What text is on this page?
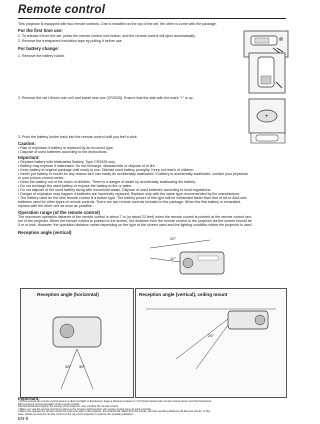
Remote control

This projector is equipped with two remote controls. One is installed on the top of the set, the other is come with the package.

For the first time use:

1. To release it from the set, press the remote control lock button, and the remote control will eject automatically.

2. Remove the transparent insulation tape by pulling it before use.

For battery change:

1. Remove the battery holder.

2. Remove the old Lithium coin cell and install new one (CR2025). Ensure that the side with the mark "+" is up.

+

3. Push the battery holder back into the remote control until you feel a click.

Caution:

• Risk of explosion if battery is replaced by an incorrect type.

• Dispose of used batteries according to the instructions.

Important:

• Replace battery with Matsushita Battery, Type CR2025 only.

• Battery may explode if mistreated. Do not recharge, disassemble or dispose of in fire.

• Keep battery in original package until ready to use. Discard used battery promptly. Keep out reach of children.

• Never put battery in mouth for any reason as it can easily be accidentally swallowed. If battery is accidentally swallowed, contact your physician

or your poison control center.

• Keep the battery out of the reach of children. There is a danger of death by accidentally swallowing the battery.

• Do not recharge the used battery or expose the battery to fire or water.

• Do not dispose of the used battery along with household waste. Dispose of used batteries according to local regulations.

• Danger of explosion may happen if batteries are incorrectly replaced. Replace only with the same type recommended by the manufacturer.

• The battery used for the slim remote control is a button type. The battery power of this type will be exhausted faster than that of AA or AAA size

batteries used for other types of remote controls. There are two remote controls included in the package. When the first battery is exhausted,

replace with the other one as soon as possible.

Operation range (of the remote control)

The maximum operation distance of the remote control is about 7 m (or about 22 feet) when the remote control is pointed at the remote control sen-

sor of the projector. When the remote control is pointed to the screen, the distance from the remote control to the projector via the screen should be

5 m or less. However, the operation distance varies depending on the type of the screen used and the lighting condition where the projector is used.

Reception angle (vertical)

20°
10°

Reception angle (horizontal)

30° 30°

Reception angle (vertical), ceiling mount

20°

Important:

• Do not expose the remote control sensor to direct sunlight or fluorescent. Keep a distance at least 2 m (6.5 feet) between the remote control sensor and the fluorescent

light to ensure correct operation of the remote control.

Inverted fluorescent light in the vicinity of the projector, may interfere the remote control.

• When you use the remote control too close to the remote control sensor, the remote control may not work correctly.

• When you operate the remote control from the rear side of the projector, the infrared will reflect from the screen, and the operating distance will become shorter. In this

case, please remove the remote control on the top of the projector to improve the operating distance.

EN-8
